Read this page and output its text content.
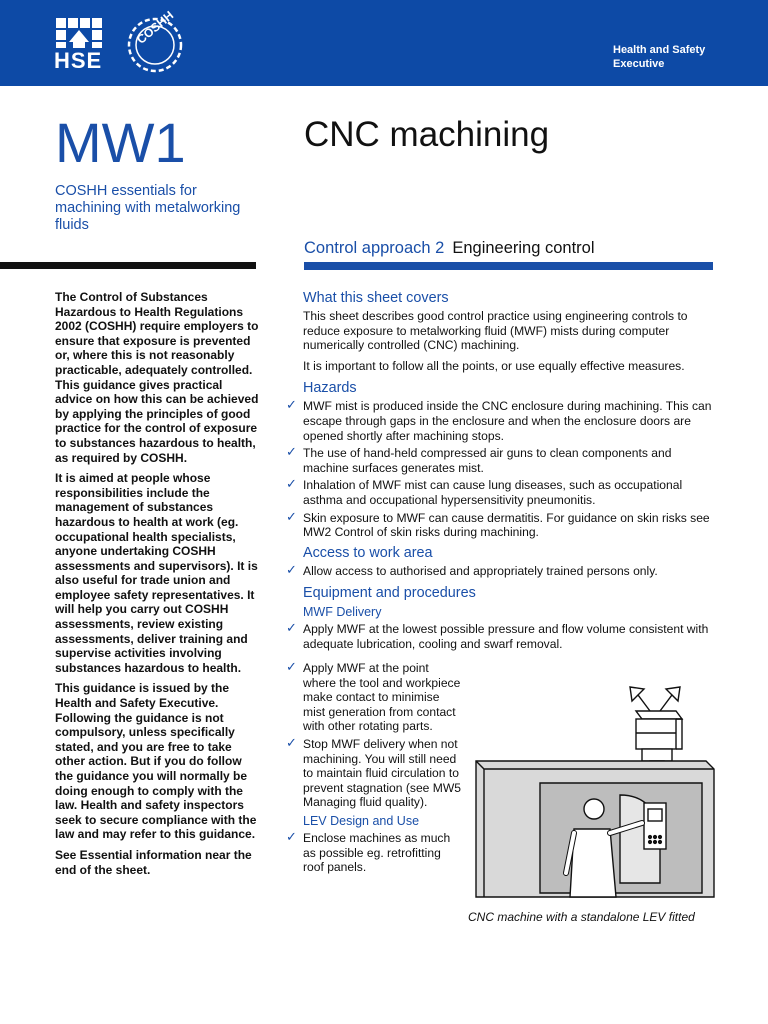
HSE
COSHH
Health and Safety
Executive
MW1
COSHH essentials for machining with metalworking fluids
CNC machining
Control approach 2 Engineering control

The Control of Substances Hazardous to Health Regulations 2002 (COSHH) require employers to ensure that exposure is prevented or, where this is not reasonably practicable, adequately controlled. This guidance gives practical advice on how this can be achieved by applying the principles of good practice for the control of exposure to substances hazardous to health, as required by COSHH.

It is aimed at people whose responsibilities include the management of substances hazardous to health at work (eg. occupational health specialists, anyone undertaking COSHH assessments and supervisors). It is also useful for trade union and employee safety representatives. It will help you carry out COSHH assessments, review existing assessments, deliver training and supervise activities involving substances hazardous to health.

This guidance is issued by the Health and Safety Executive. Following the guidance is not compulsory, unless specifically stated, and you are free to take other action. But if you do follow the guidance you will normally be doing enough to comply with the law. Health and safety inspectors seek to secure compliance with the law and may refer to this guidance.

See Essential information near the end of the sheet.

What this sheet covers
This sheet describes good control practice using engineering controls to reduce exposure to metalworking fluid (MWF) mists during computer numerically controlled (CNC) machining.
It is important to follow all the points, or use equally effective measures.
Hazards
✓ MWF mist is produced inside the CNC enclosure during machining. This can escape through gaps in the enclosure and when the enclosure doors are opened shortly after machining stops.
✓ The use of hand-held compressed air guns to clean components and machine surfaces generates mist.
✓ Inhalation of MWF mist can cause lung diseases, such as occupational asthma and occupational hypersensitivity pneumonitis.
✓ Skin exposure to MWF can cause dermatitis. For guidance on skin risks see MW2 Control of skin risks during machining.
Access to work area
✓ Allow access to authorised and appropriately trained persons only.
Equipment and procedures
MWF Delivery
✓ Apply MWF at the lowest possible pressure and flow volume consistent with adequate lubrication, cooling and swarf removal.
✓ Apply MWF at the point where the tool and workpiece make contact to minimise mist generation from contact with other rotating parts.
✓ Stop MWF delivery when not machining. You will still need to maintain fluid circulation to prevent stagnation (see MW5 Managing fluid quality).
LEV Design and Use
✓ Enclose machines as much as possible eg. retrofitting roof panels.
CNC machine with a standalone LEV fitted
